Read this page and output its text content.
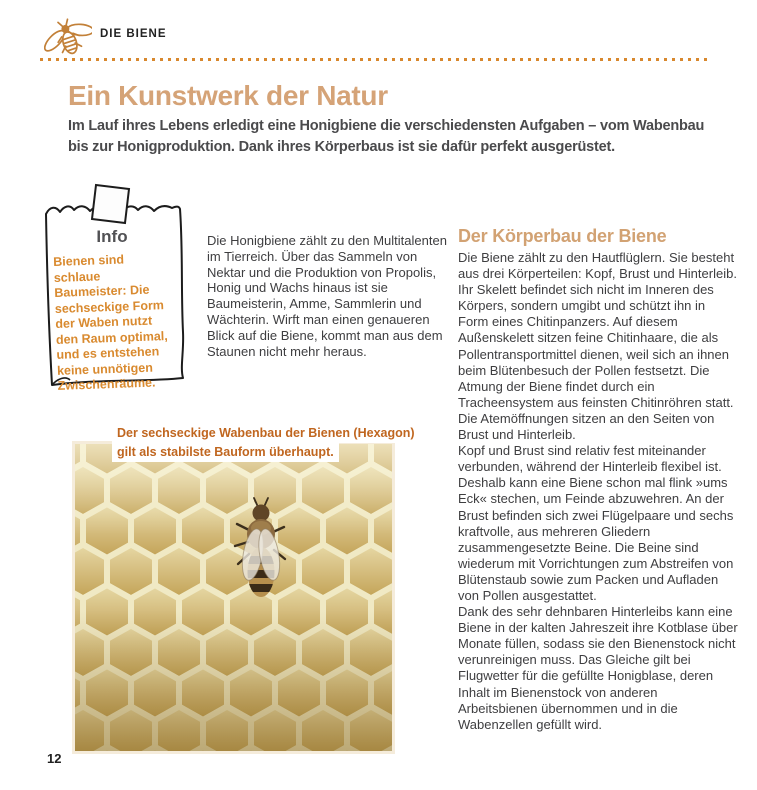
DIE BIENE
Ein Kunstwerk der Natur
Im Lauf ihres Lebens erledigt eine Honigbiene die verschiedensten Aufgaben – vom Wabenbau bis zur Honigproduktion. Dank ihres Körperbaus ist sie dafür perfekt ausgerüstet.
Info
Bienen sind schlaue Baumeister: Die sechseckige Form der Waben nutzt den Raum optimal, und es entstehen keine unnötigen Zwischenräume.
Die Honigbiene zählt zu den Multitalenten im Tierreich. Über das Sammeln von Nektar und die Produktion von Propolis, Honig und Wachs hinaus ist sie Baumeisterin, Amme, Sammlerin und Wächterin. Wirft man einen genaueren Blick auf die Biene, kommt man aus dem Staunen nicht mehr heraus.
Der sechseckige Wabenbau der Bienen (Hexagon)
gilt als stabilste Bauform überhaupt.
Der Körperbau der Biene

Die Biene zählt zu den Hautflüglern. Sie besteht aus drei Körperteilen: Kopf, Brust und Hinterleib. Ihr Skelett befindet sich nicht im Inneren des Körpers, sondern umgibt und schützt ihn in Form eines Chitinpanzers. Auf diesem Außenskelett sitzen feine Chitinhaare, die als Pollentransportmittel dienen, weil sich an ihnen beim Blütenbesuch der Pollen festsetzt. Die Atmung der Biene findet durch ein Tracheensystem aus feinsten Chitinröhren statt. Die Atemöffnungen sitzen an den Seiten von Brust und Hinterleib.

Kopf und Brust sind relativ fest miteinander verbunden, während der Hinterleib flexibel ist. Deshalb kann eine Biene schon mal flink »ums Eck« stechen, um Feinde abzuwehren. An der Brust befinden sich zwei Flügelpaare und sechs kraftvolle, aus mehreren Gliedern zusammengesetzte Beine. Die Beine sind wiederum mit Vorrichtungen zum Abstreifen von Blütenstaub sowie zum Packen und Aufladen von Pollen ausgestattet.

Dank des sehr dehnbaren Hinterleibs kann eine Biene in der kalten Jahreszeit ihre Kotblase über Monate füllen, sodass sie den Bienenstock nicht verunreinigen muss. Das Gleiche gilt bei Flugwetter für die gefüllte Honigblase, deren Inhalt im Bienenstock von anderen Arbeitsbienen übernommen und in die Wabenzellen gefüllt wird.

12
